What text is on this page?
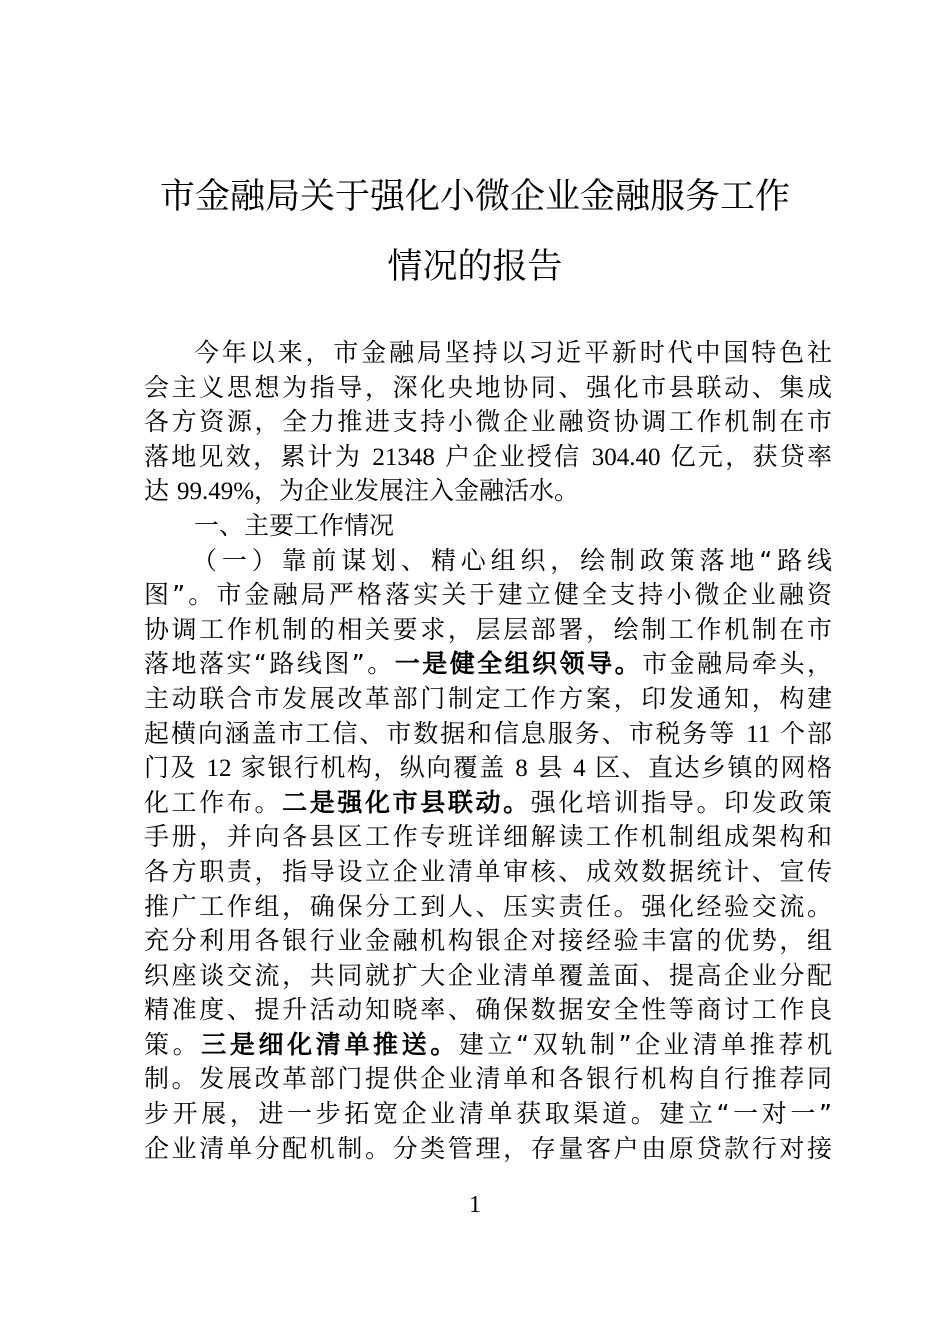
市金融局关于强化小微企业金融服务工作
情况的报告
今年以来，市金融局坚持以习近平新时代中国特色社
会主义思想为指导，深化央地协同、强化市县联动、集成
各方资源，全力推进支持小微企业融资协调工作机制在市
落地见效，累计为 21348 户企业授信 304.40 亿元，获贷率
达 99.49%，为企业发展注入金融活水。
一、主要工作情况
（一）靠前谋划、精心组织，绘制政策落地“路线
图”。市金融局严格落实关于建立健全支持小微企业融资
协调工作机制的相关要求，层层部署，绘制工作机制在市
落地落实“路线图”。一是健全组织领导。市金融局牵头，
主动联合市发展改革部门制定工作方案，印发通知，构建
起横向涵盖市工信、市数据和信息服务、市税务等 11 个部
门及 12 家银行机构，纵向覆盖 8 县 4 区、直达乡镇的网格
化工作布。二是强化市县联动。强化培训指导。印发政策
手册，并向各县区工作专班详细解读工作机制组成架构和
各方职责，指导设立企业清单审核、成效数据统计、宣传
推广工作组，确保分工到人、压实责任。强化经验交流。
充分利用各银行业金融机构银企对接经验丰富的优势，组
织座谈交流，共同就扩大企业清单覆盖面、提高企业分配
精准度、提升活动知晓率、确保数据安全性等商讨工作良
策。三是细化清单推送。建立“双轨制”企业清单推荐机
制。发展改革部门提供企业清单和各银行机构自行推荐同
步开展，进一步拓宽企业清单获取渠道。建立“一对一”
企业清单分配机制。分类管理，存量客户由原贷款行对接
1
